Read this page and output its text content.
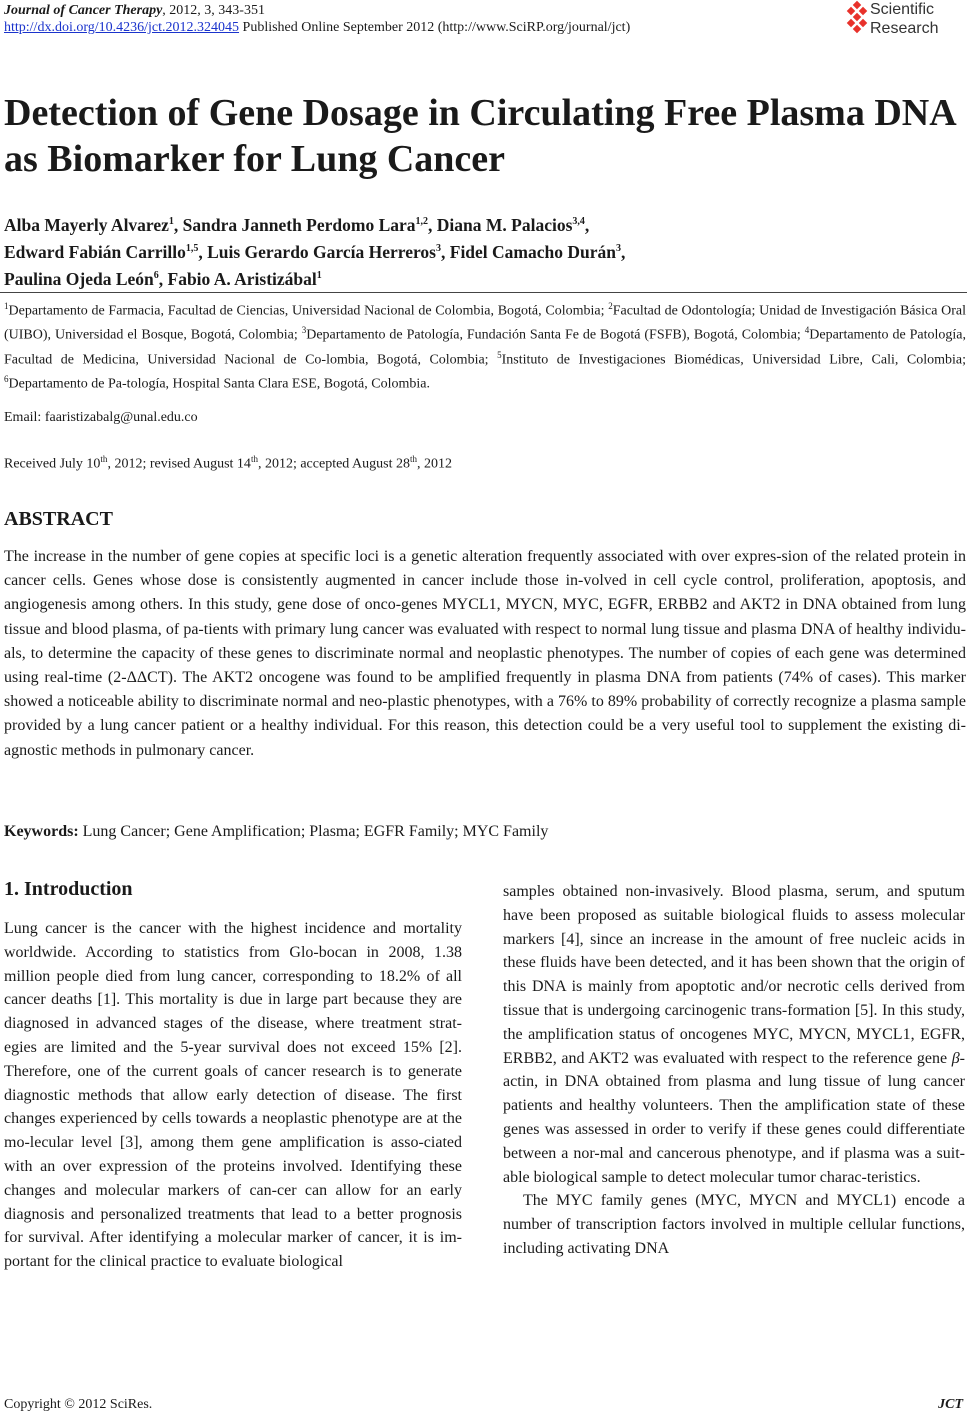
Journal of Cancer Therapy, 2012, 3, 343-351
http://dx.doi.org/10.4236/jct.2012.324045 Published Online September 2012 (http://www.SciRP.org/journal/jct)
Scientific
Research
Detection of Gene Dosage in Circulating Free Plasma DNA as Biomarker for Lung Cancer
Alba Mayerly Alvarez$^1$, Sandra Janneth Perdomo Lara$^{1,2}$, Diana M. Palacios$^{3,4}$,
Edward Fabián Carrillo$^{1,5}$, Luis Gerardo García Herreros$^3$, Fidel Camacho Durán$^3$,
Paulina Ojeda León$^6$, Fabio A. Aristizábal$^1$
$^1$Departamento de Farmacia, Facultad de Ciencias, Universidad Nacional de Colombia, Bogotá, Colombia; $^2$Facultad de Odontología; Unidad de Investigación Básica Oral (UIBO), Universidad el Bosque, Bogotá, Colombia; $^3$Departamento de Patología, Fundación Santa Fe de Bogotá (FSFB), Bogotá, Colombia; $^4$Departamento de Patología, Facultad de Medicina, Universidad Nacional de Co-lombia, Bogotá, Colombia; $^5$Instituto de Investigaciones Biomédicas, Universidad Libre, Cali, Colombia; $^6$Departamento de Pa-tología, Hospital Santa Clara ESE, Bogotá, Colombia.
Email: faaristizabalg@unal.edu.co
Received July 10th, 2012; revised August 14th, 2012; accepted August 28th, 2012
ABSTRACT
The increase in the number of gene copies at specific loci is a genetic alteration frequently associated with over expres-sion of the related protein in cancer cells. Genes whose dose is consistently augmented in cancer include those in-volved in cell cycle control, proliferation, apoptosis, and angiogenesis among others. In this study, gene dose of onco-genes MYCL1, MYCN, MYC, EGFR, ERBB2 and AKT2 in DNA obtained from lung tissue and blood plasma, of pa-tients with primary lung cancer was evaluated with respect to normal lung tissue and plasma DNA of healthy individu-als, to determine the capacity of these genes to discriminate normal and neoplastic phenotypes. The number of copies of each gene was determined using real-time (2-ΔΔCT). The AKT2 oncogene was found to be amplified frequently in plasma DNA from patients (74% of cases). This marker showed a noticeable ability to discriminate normal and neo-plastic phenotypes, with a 76% to 89% probability of correctly recognize a plasma sample provided by a lung cancer patient or a healthy individual. For this reason, this detection could be a very useful tool to supplement the existing di-agnostic methods in pulmonary cancer.
Keywords: Lung Cancer; Gene Amplification; Plasma; EGFR Family; MYC Family
1. Introduction

Lung cancer is the cancer with the highest incidence and mortality worldwide. According to statistics from Glo-bocan in 2008, 1.38 million people died from lung cancer, corresponding to 18.2% of all cancer deaths [1]. This mortality is due in large part because they are diagnosed in advanced stages of the disease, where treatment strat-egies are limited and the 5-year survival does not exceed 15% [2]. Therefore, one of the current goals of cancer research is to generate diagnostic methods that allow early detection of disease. The first changes experienced by cells towards a neoplastic phenotype are at the mo-lecular level [3], among them gene amplification is asso-ciated with an over expression of the proteins involved. Identifying these changes and molecular markers of can-cer can allow for an early diagnosis and personalized treatments that lead to a better prognosis for survival. After identifying a molecular marker of cancer, it is im-portant for the clinical practice to evaluate biological

samples obtained non-invasively. Blood plasma, serum, and sputum have been proposed as suitable biological fluids to assess molecular markers [4], since an increase in the amount of free nucleic acids in these fluids have been detected, and it has been shown that the origin of this DNA is mainly from apoptotic and/or necrotic cells derived from tissue that is undergoing carcinogenic trans-formation [5]. In this study, the amplification status of oncogenes MYC, MYCN, MYCL1, EGFR, ERBB2, and AKT2 was evaluated with respect to the reference gene β-actin, in DNA obtained from plasma and lung tissue of lung cancer patients and healthy volunteers. Then the amplification state of these genes was assessed in order to verify if these genes could differentiate between a nor-mal and cancerous phenotype, and if plasma was a suit-able biological sample to detect molecular tumor charac-teristics.

The MYC family genes (MYC, MYCN and MYCL1) encode a number of transcription factors involved in multiple cellular functions, including activating DNA

Copyright © 2012 SciRes.	JCT
